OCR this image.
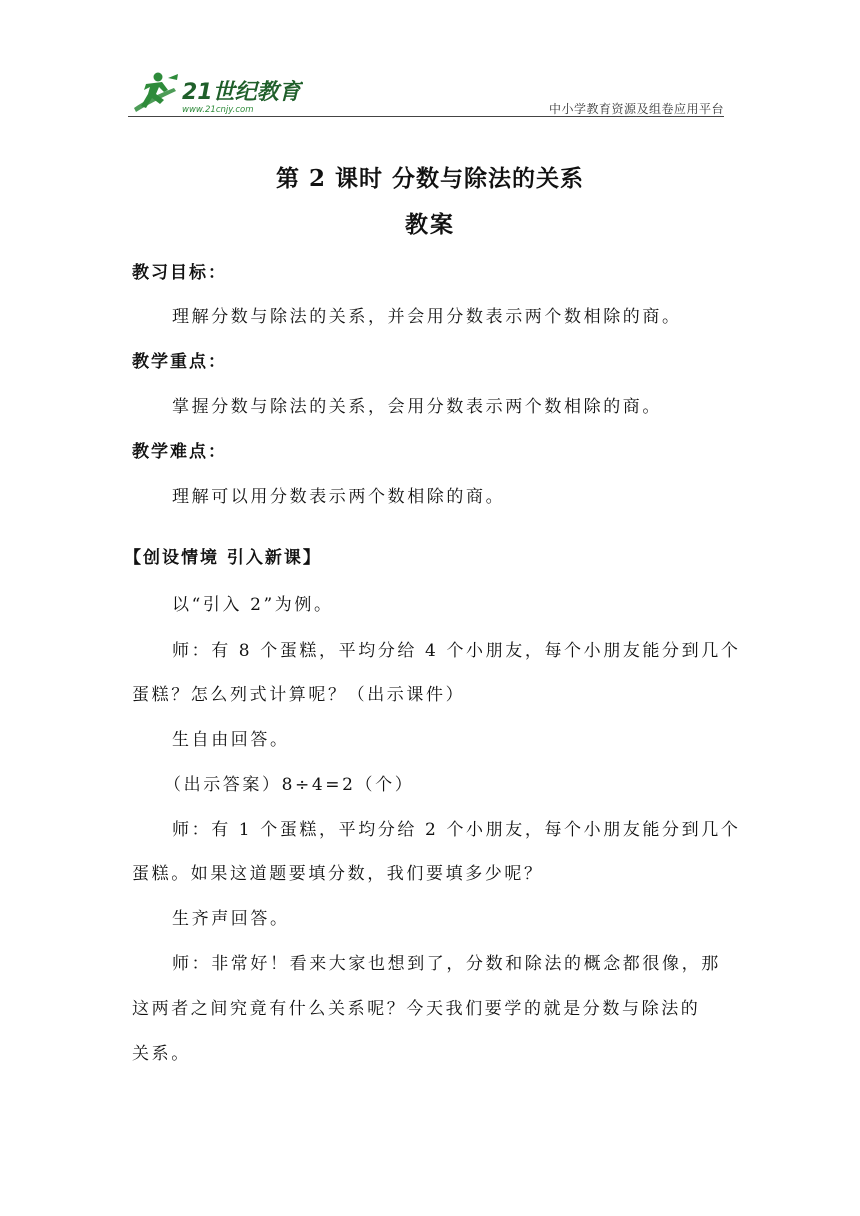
21世纪教育
www.21cnjy.com	中小学教育资源及组卷应用平台
第 2 课时 分数与除法的关系
教案
教习目标：
理解分数与除法的关系，并会用分数表示两个数相除的商。
教学重点：
掌握分数与除法的关系，会用分数表示两个数相除的商。
教学难点：
理解可以用分数表示两个数相除的商。
【创设情境 引入新课】
以“引入 2”为例。
师：有 8 个蛋糕，平均分给 4 个小朋友，每个小朋友能分到几个
蛋糕？怎么列式计算呢？（出示课件）
生自由回答。
（出示答案）8÷4=2（个）
师：有 1 个蛋糕，平均分给 2 个小朋友，每个小朋友能分到几个
蛋糕。如果这道题要填分数，我们要填多少呢？
生齐声回答。
师：非常好！看来大家也想到了，分数和除法的概念都很像，那
这两者之间究竟有什么关系呢？今天我们要学的就是分数与除法的
关系。
